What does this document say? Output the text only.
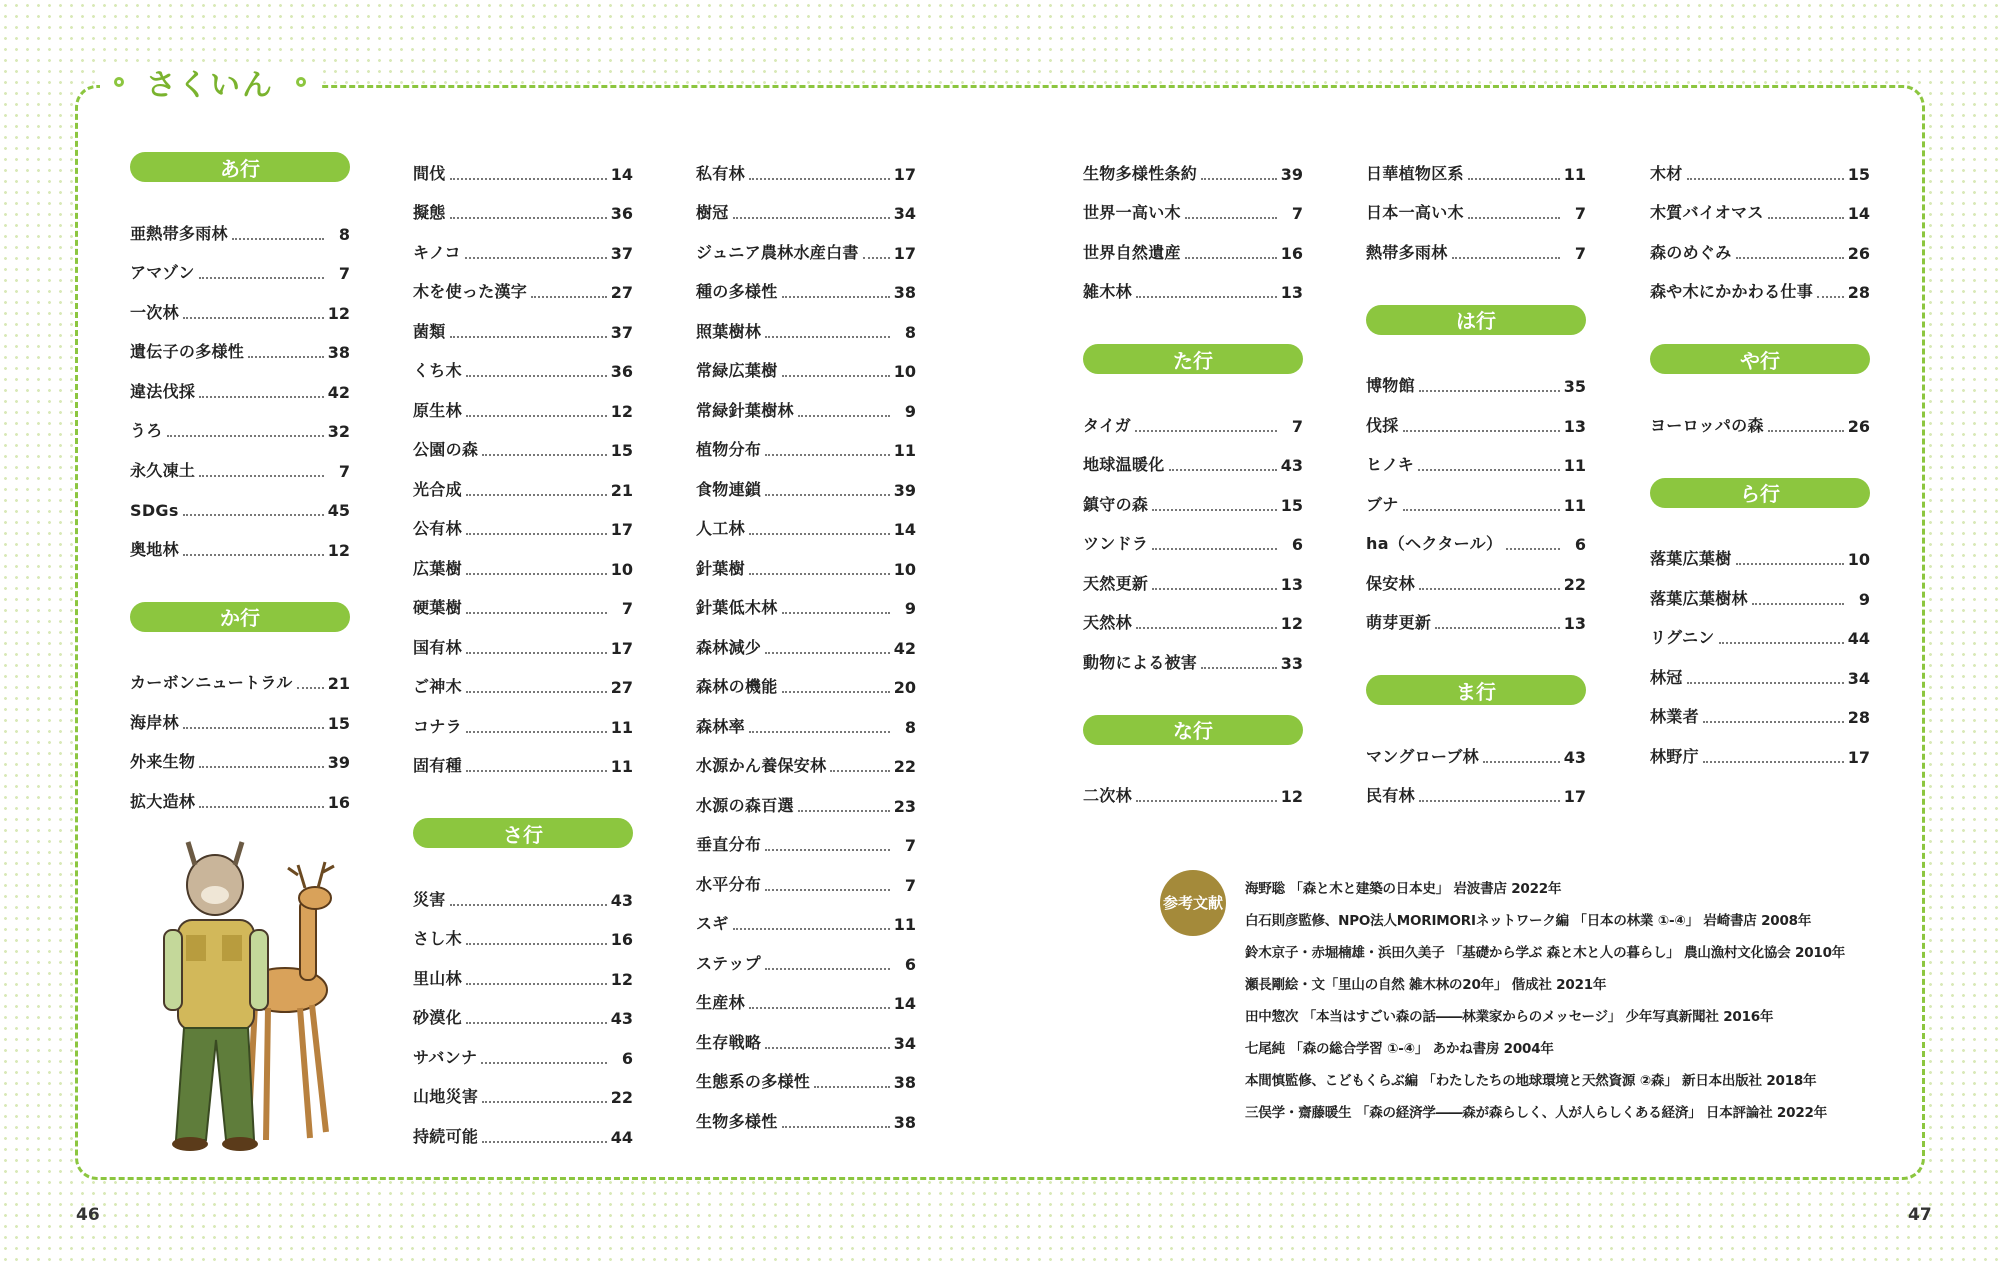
さくいん
あ行
亜熱帯多雨林	8
アマゾン	7
一次林	12
遺伝子の多様性	38
違法伐採	42
うろ	32
永久凍土	7
SDGs	45
奥地林	12
か行
カーボンニュートラル 21
海岸林	15
外来生物	39
拡大造林	16
間伐	14
擬態	36
キノコ	37
木を使った漢字	27
菌類	37
くち木	36
原生林	12
公園の森	15
光合成	21
公有林	17
広葉樹	10
硬葉樹	7
国有林	17
ご神木	27
コナラ	11
固有種	11
さ行
災害	43
さし木	16
里山林	12
砂漠化	43
サバンナ	6
山地災害	22
持続可能	44
私有林	17
樹冠	34
ジュニア農林水産白書 17
種の多様性	38
照葉樹林	8
常緑広葉樹	10
常緑針葉樹林	9
植物分布	11
食物連鎖	39
人工林	14
針葉樹	10
針葉低木林	9
森林減少	42
森林の機能	20
森林率	8
水源かん養保安林	22
水源の森百選	23
垂直分布	7
水平分布	7
スギ	11
ステップ	6
生産林	14
生存戦略	34
生態系の多様性	38
生物多様性	38
生物多様性条約	39
世界一高い木	7
世界自然遺産	16
雑木林	13
た行
タイガ	7
地球温暖化	43
鎮守の森	15
ツンドラ	6
天然更新	13
天然林	12
動物による被害	33
な行
二次林	12
日華植物区系	11
日本一高い木	7
熱帯多雨林	7
は行
博物館	35
伐採	13
ヒノキ	11
ブナ	11
ha（ヘクタール）	6
保安林	22
萌芽更新	13
ま行
マングローブ林	43
民有林	17
木材	15
木質バイオマス	14
森のめぐみ	26
森や木にかかわる仕事 28
や行
ヨーロッパの森	26
ら行
落葉広葉樹	10
落葉広葉樹林	9
リグニン	44
林冠	34
林業者	28
林野庁	17
参考文献
海野聡 「森と木と建築の日本史」 岩波書店 2022年
白石則彦監修、NPO法人MORIMORIネットワーク編 「日本の林業 ①-④」 岩崎書店 2008年
鈴木京子・赤堀楠雄・浜田久美子 「基礎から学ぶ 森と木と人の暮らし」 農山漁村文化協会 2010年
瀬長剛絵・文「里山の自然 雑木林の20年」 偕成社 2021年
田中惣次 「本当はすごい森の話――林業家からのメッセージ」 少年写真新聞社 2016年
七尾純 「森の総合学習 ①-④」 あかね書房 2004年
本間慎監修、こどもくらぶ編 「わたしたちの地球環境と天然資源 ②森」 新日本出版社 2018年
三俣学・齋藤暖生 「森の経済学――森が森らしく、人が人らしくある経済」 日本評論社 2022年
46	47
